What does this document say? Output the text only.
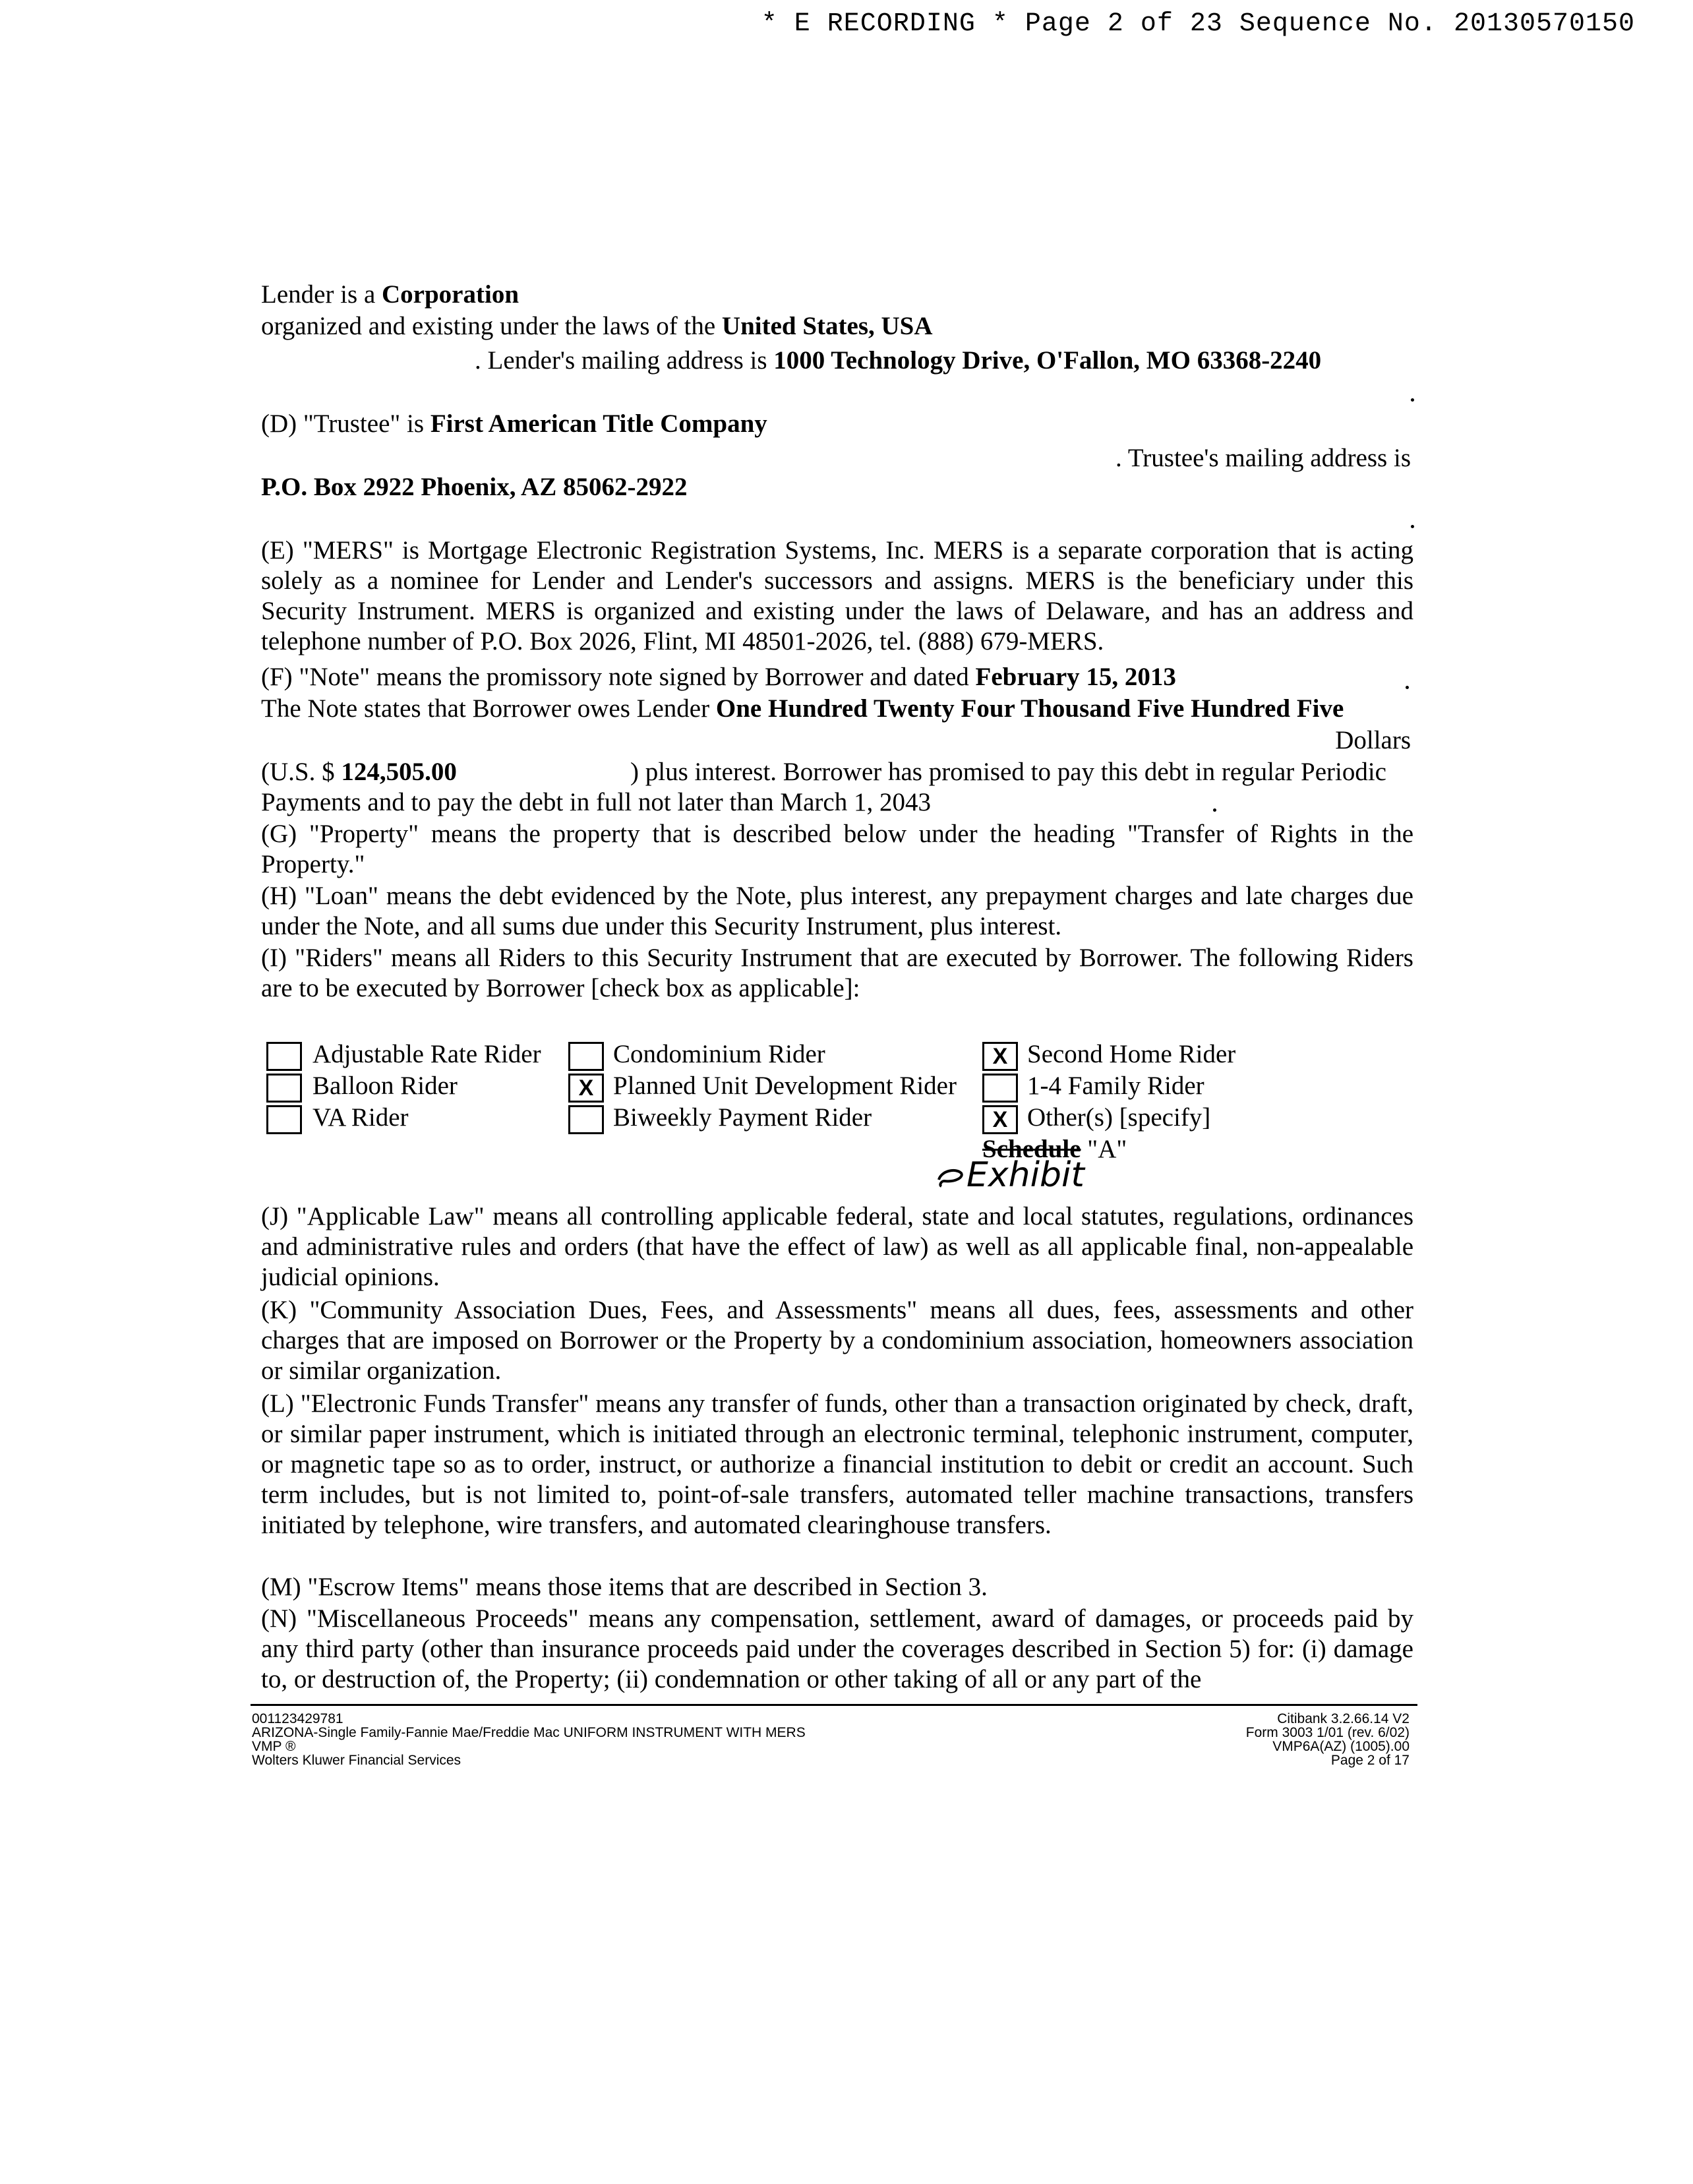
* E RECORDING * Page 2 of 23 Sequence No. 20130570150
Lender is a Corporation
organized and existing under the laws of the United States, USA
. Lender's mailing address is 1000 Technology Drive, O'Fallon, MO 63368-2240
(D) "Trustee" is First American Title Company
. Trustee's mailing address is
P.O. Box 2922 Phoenix, AZ 85062-2922
(E) "MERS" is Mortgage Electronic Registration Systems, Inc. MERS is a separate corporation that is acting solely as a nominee for Lender and Lender's successors and assigns. MERS is the beneficiary under this Security Instrument. MERS is organized and existing under the laws of Delaware, and has an address and telephone number of P.O. Box 2026, Flint, MI 48501-2026, tel. (888) 679-MERS.
(F) "Note" means the promissory note signed by Borrower and dated February 15, 2013
The Note states that Borrower owes Lender One Hundred Twenty Four Thousand Five Hundred Five
Dollars
(U.S. $ 124,505.00	) plus interest. Borrower has promised to pay this debt in regular Periodic
Payments and to pay the debt in full not later than March 1, 2043
(G) "Property" means the property that is described below under the heading "Transfer of Rights in the Property."
(H) "Loan" means the debt evidenced by the Note, plus interest, any prepayment charges and late charges due under the Note, and all sums due under this Security Instrument, plus interest.
(I) "Riders" means all Riders to this Security Instrument that are executed by Borrower. The following Riders are to be executed by Borrower [check box as applicable]:
Adjustable Rate Rider
Balloon Rider
VA Rider
Condominium Rider
X Planned Unit Development Rider
Biweekly Payment Rider
X Second Home Rider
1-4 Family Rider
X Other(s) [specify]
Schedule "A"
Exhibit
(J) "Applicable Law" means all controlling applicable federal, state and local statutes, regulations, ordinances and administrative rules and orders (that have the effect of law) as well as all applicable final, non-appealable judicial opinions.
(K) "Community Association Dues, Fees, and Assessments" means all dues, fees, assessments and other charges that are imposed on Borrower or the Property by a condominium association, homeowners association or similar organization.
(L) "Electronic Funds Transfer" means any transfer of funds, other than a transaction originated by check, draft, or similar paper instrument, which is initiated through an electronic terminal, telephonic instrument, computer, or magnetic tape so as to order, instruct, or authorize a financial institution to debit or credit an account. Such term includes, but is not limited to, point-of-sale transfers, automated teller machine transactions, transfers initiated by telephone, wire transfers, and automated clearinghouse transfers.
(M) "Escrow Items" means those items that are described in Section 3.
(N) "Miscellaneous Proceeds" means any compensation, settlement, award of damages, or proceeds paid by any third party (other than insurance proceeds paid under the coverages described in Section 5) for: (i) damage to, or destruction of, the Property; (ii) condemnation or other taking of all or any part of the
001123429781
ARIZONA-Single Family-Fannie Mae/Freddie Mac UNIFORM INSTRUMENT WITH MERS
VMP ®
Wolters Kluwer Financial Services
Citibank 3.2.66.14 V2
Form 3003 1/01 (rev. 6/02)
VMP6A(AZ) (1005).00
Page 2 of 17
